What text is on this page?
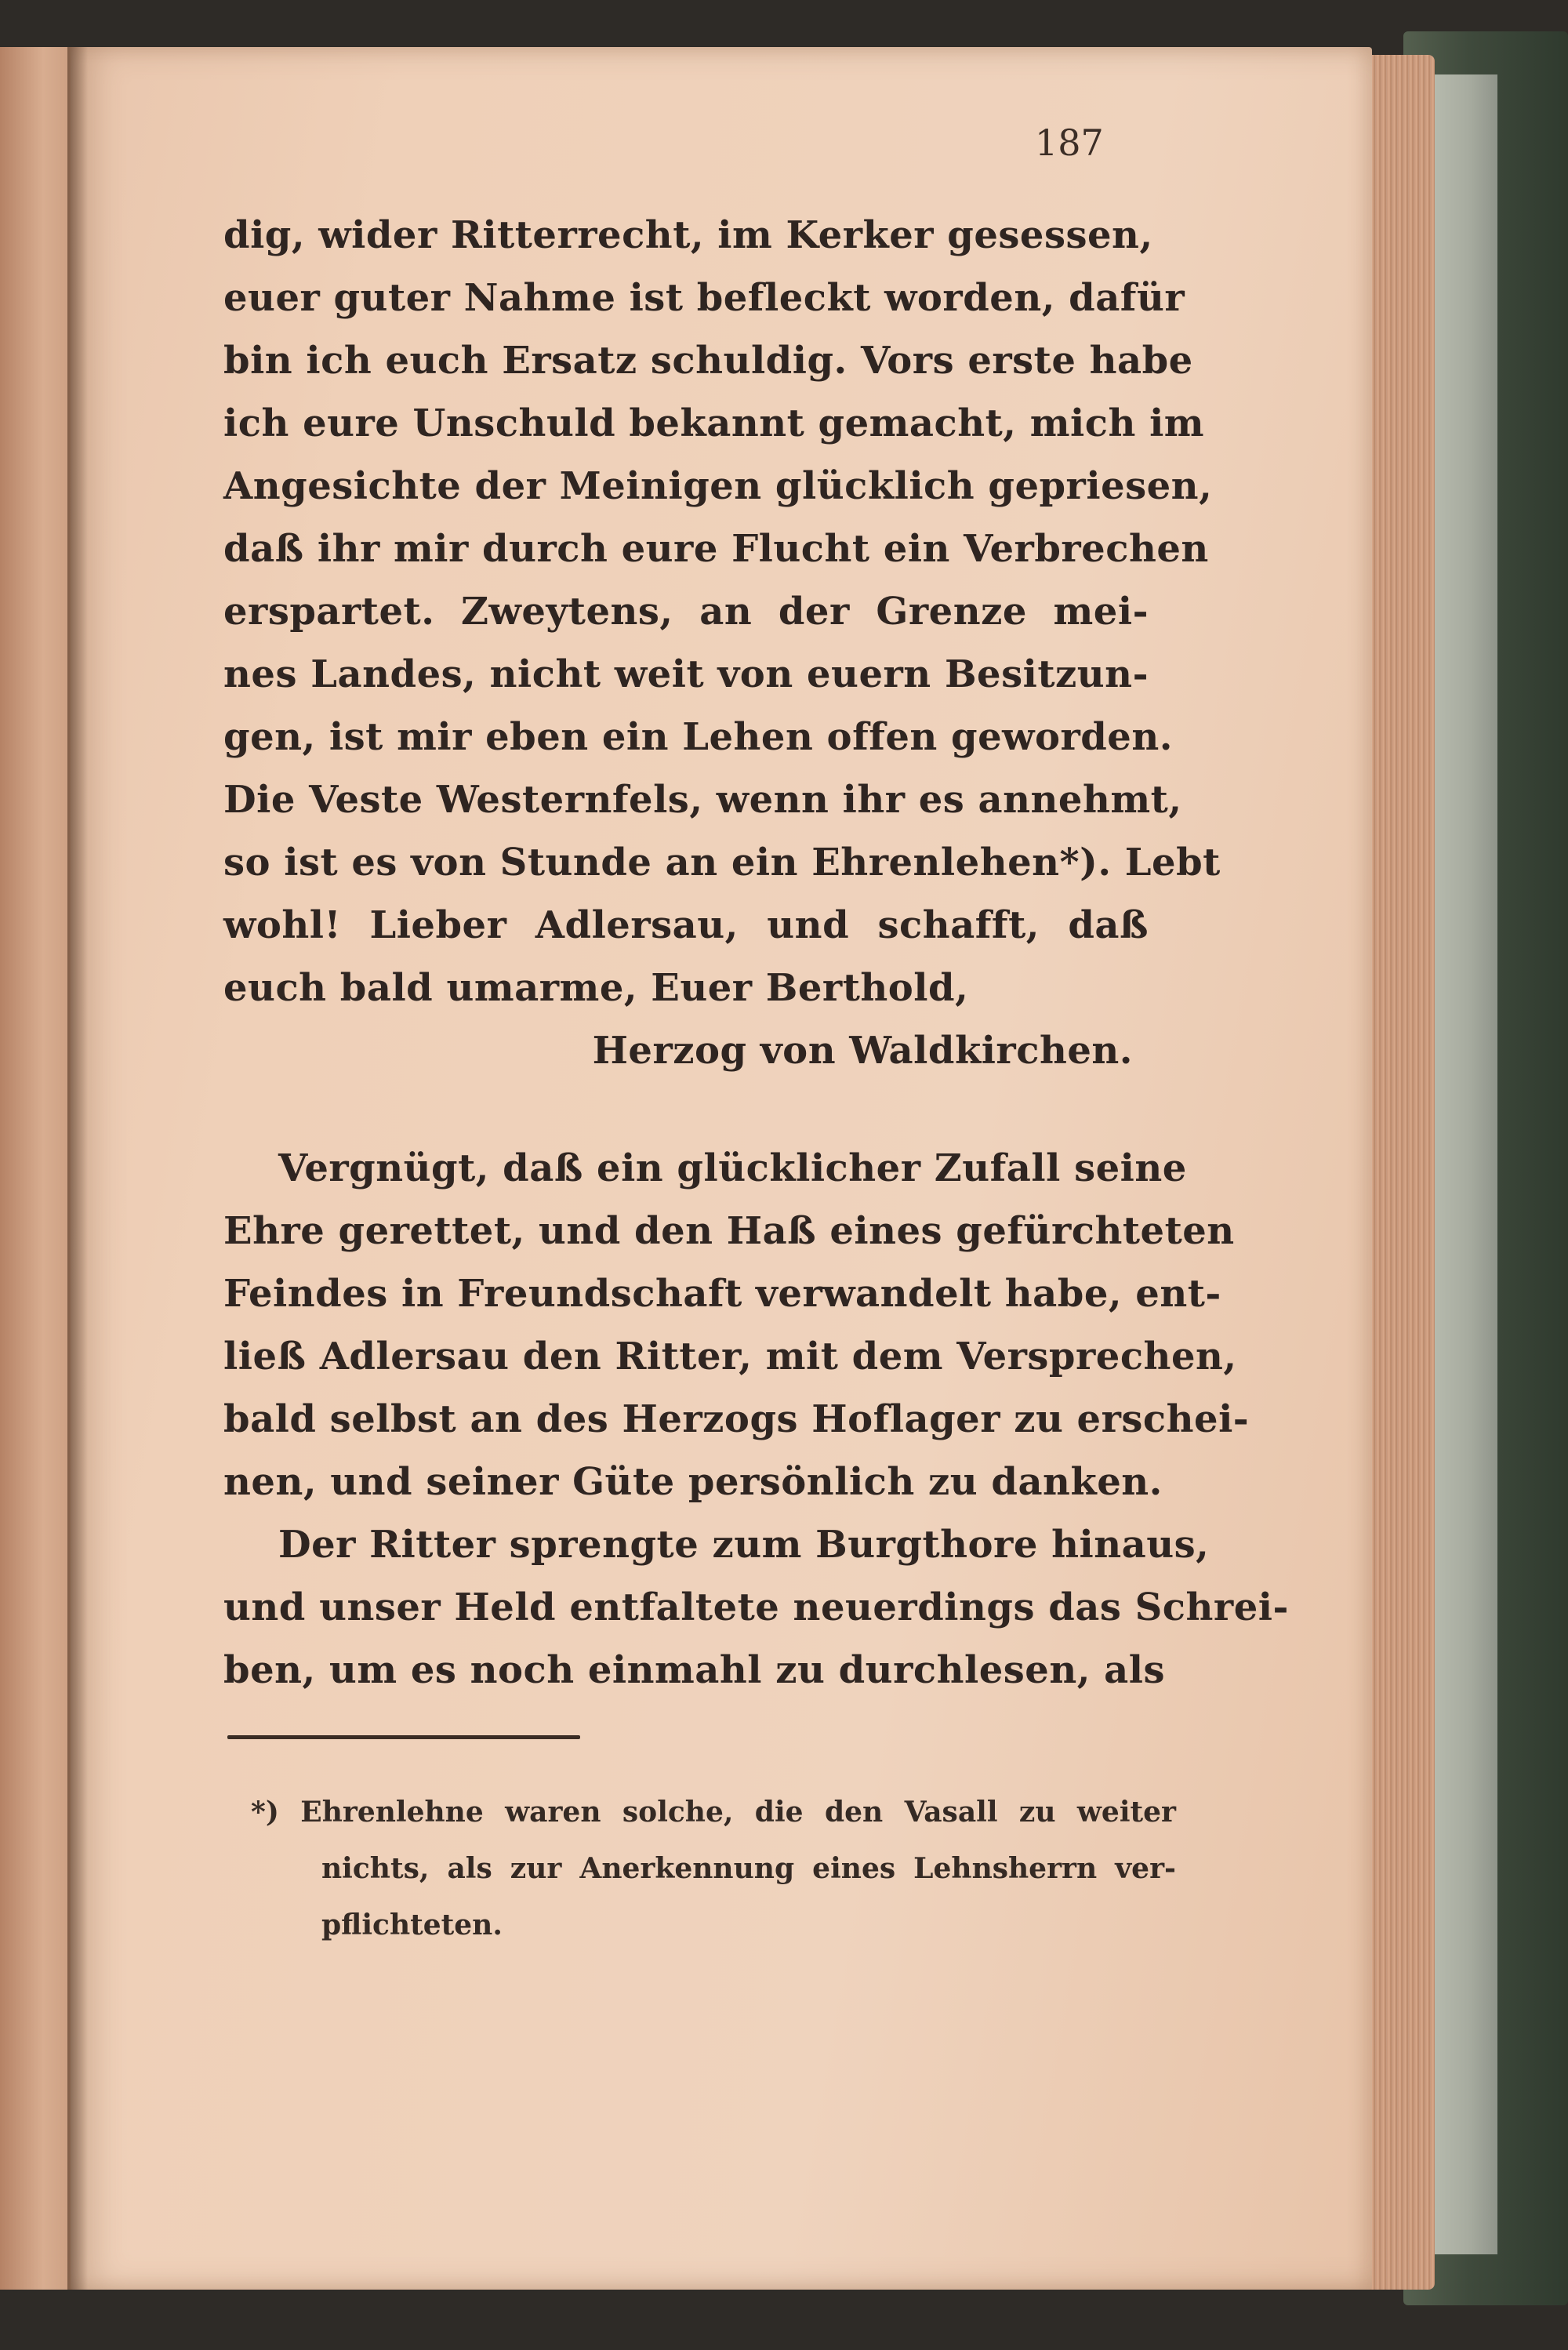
187
dig, wider Ritterrecht, im Kerker gesessen,
euer guter Nahme ist befleckt worden, dafür
bin ich euch Ersatz schuldig. Vors erste habe
ich eure Unschuld bekannt gemacht, mich im
Angesichte der Meinigen glücklich gepriesen,
daß ihr mir durch eure Flucht ein Verbrechen
erspartet. Zweytens, an der Grenze mei-
nes Landes, nicht weit von euern Besitzun-
gen, ist mir eben ein Lehen offen geworden.
Die Veste Westernfels, wenn ihr es annehmt,
so ist es von Stunde an ein Ehrenlehen*). Lebt
wohl! Lieber Adlersau, und schafft, daß
euch bald umarme, Euer Berthold,
Herzog von Waldkirchen.
Vergnügt, daß ein glücklicher Zufall seine
Ehre gerettet, und den Haß eines gefürchteten
Feindes in Freundschaft verwandelt habe, ent-
ließ Adlersau den Ritter, mit dem Versprechen,
bald selbst an des Herzogs Hoflager zu erschei-
nen, und seiner Güte persönlich zu danken.
Der Ritter sprengte zum Burgthore hinaus,
und unser Held entfaltete neuerdings das Schrei-
ben, um es noch einmahl zu durchlesen, als
*) Ehrenlehne waren solche, die den Vasall zu weiter
nichts, als zur Anerkennung eines Lehnsherrn ver-
pflichteten.
